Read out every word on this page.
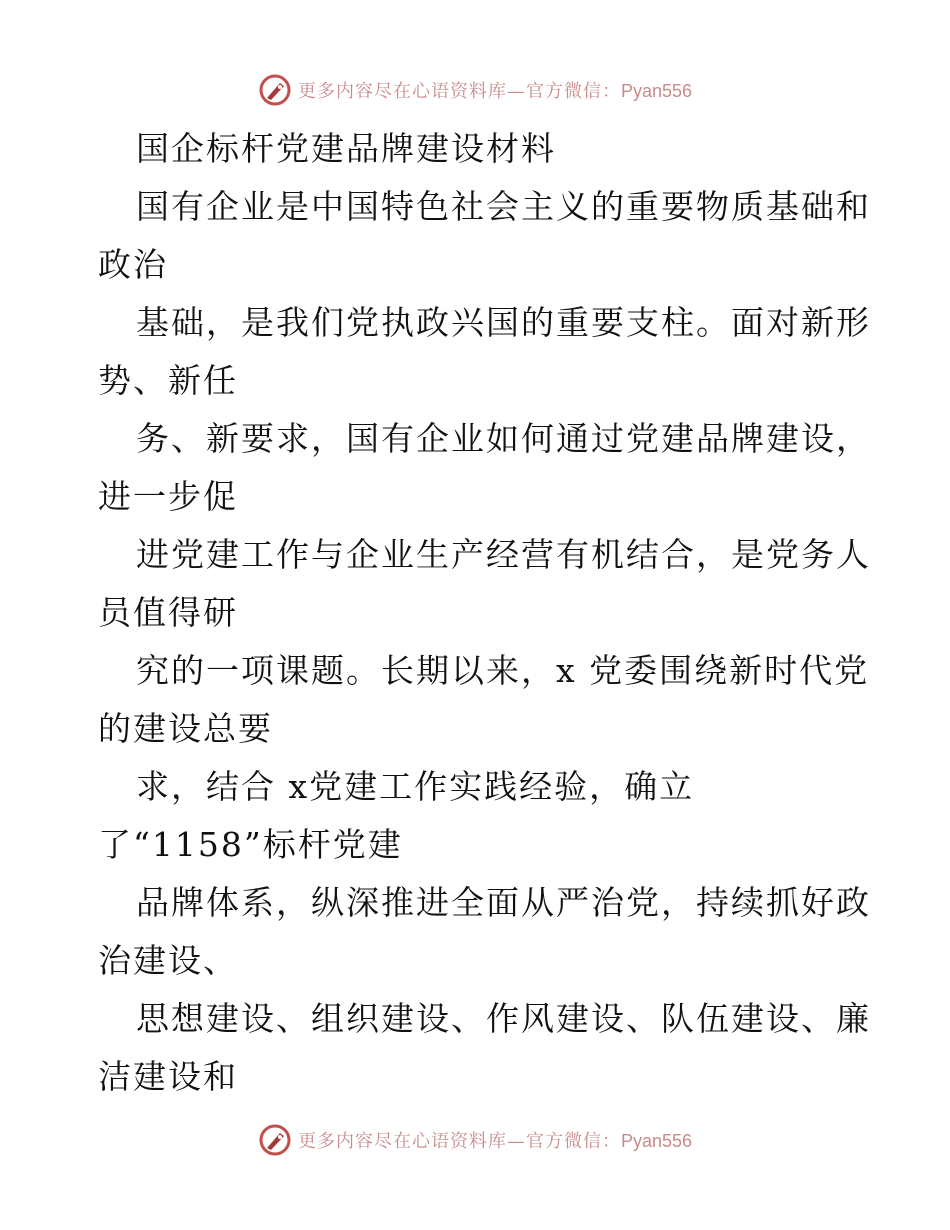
更多内容尽在心语资料库—官方微信：Pyan556
国企标杆党建品牌建设材料
国有企业是中国特色社会主义的重要物质基础和
政治
基础，是我们党执政兴国的重要支柱。面对新形
势、新任
务、新要求，国有企业如何通过党建品牌建设，
进一步促
进党建工作与企业生产经营有机结合，是党务人
员值得研
究的一项课题。长期以来，x 党委围绕新时代党
的建设总要
求，结合 x党建工作实践经验，确立
了“1158”标杆党建
品牌体系，纵深推进全面从严治党，持续抓好政
治建设、
思想建设、组织建设、作风建设、队伍建设、廉
洁建设和
更多内容尽在心语资料库—官方微信：Pyan556
